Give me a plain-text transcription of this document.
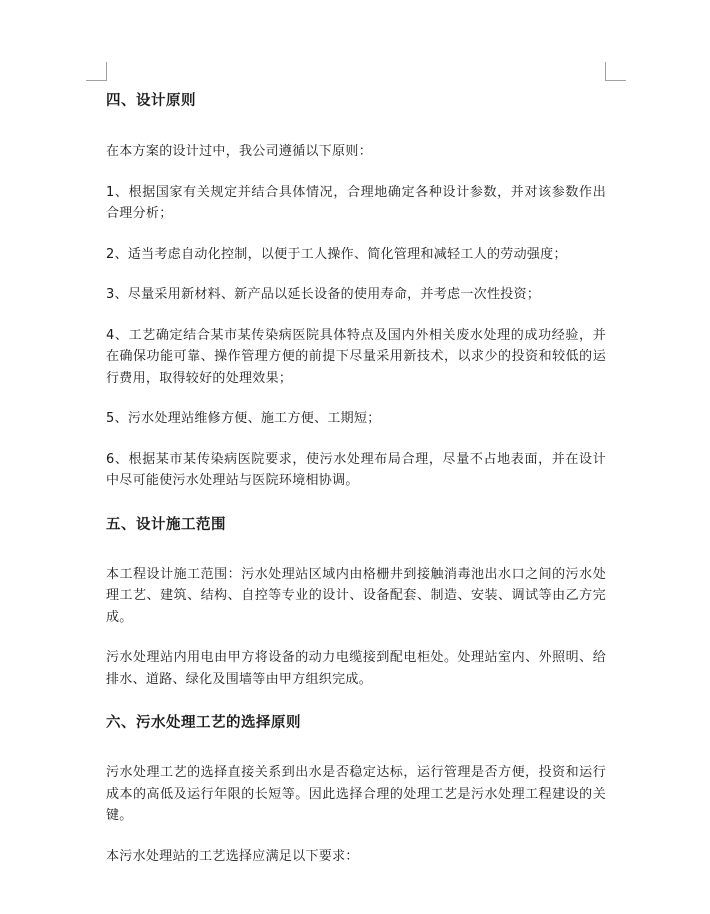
四、设计原则

在本方案的设计过中，我公司遵循以下原则：

1、根据国家有关规定并结合具体情况，合理地确定各种设计参数，并对该参数作出合理分析；

2、适当考虑自动化控制，以便于工人操作、简化管理和减轻工人的劳动强度；

3、尽量采用新材料、新产品以延长设备的使用寿命，并考虑一次性投资；

4、工艺确定结合某市某传染病医院具体特点及国内外相关废水处理的成功经验，并在确保功能可靠、操作管理方便的前提下尽量采用新技术，以求少的投资和较低的运行费用，取得较好的处理效果；

5、污水处理站维修方便、施工方便、工期短；

6、根据某市某传染病医院要求，使污水处理布局合理，尽量不占地表面，并在设计中尽可能使污水处理站与医院环境相协调。

五、设计施工范围

本工程设计施工范围：污水处理站区域内由格栅井到接触消毒池出水口之间的污水处理工艺、建筑、结构、自控等专业的设计、设备配套、制造、安装、调试等由乙方完成。

污水处理站内用电由甲方将设备的动力电缆接到配电柜处。处理站室内、外照明、给排水、道路、绿化及围墙等由甲方组织完成。

六、污水处理工艺的选择原则

污水处理工艺的选择直接关系到出水是否稳定达标，运行管理是否方便，投资和运行成本的高低及运行年限的长短等。因此选择合理的处理工艺是污水处理工程建设的关键。

本污水处理站的工艺选择应满足以下要求：
